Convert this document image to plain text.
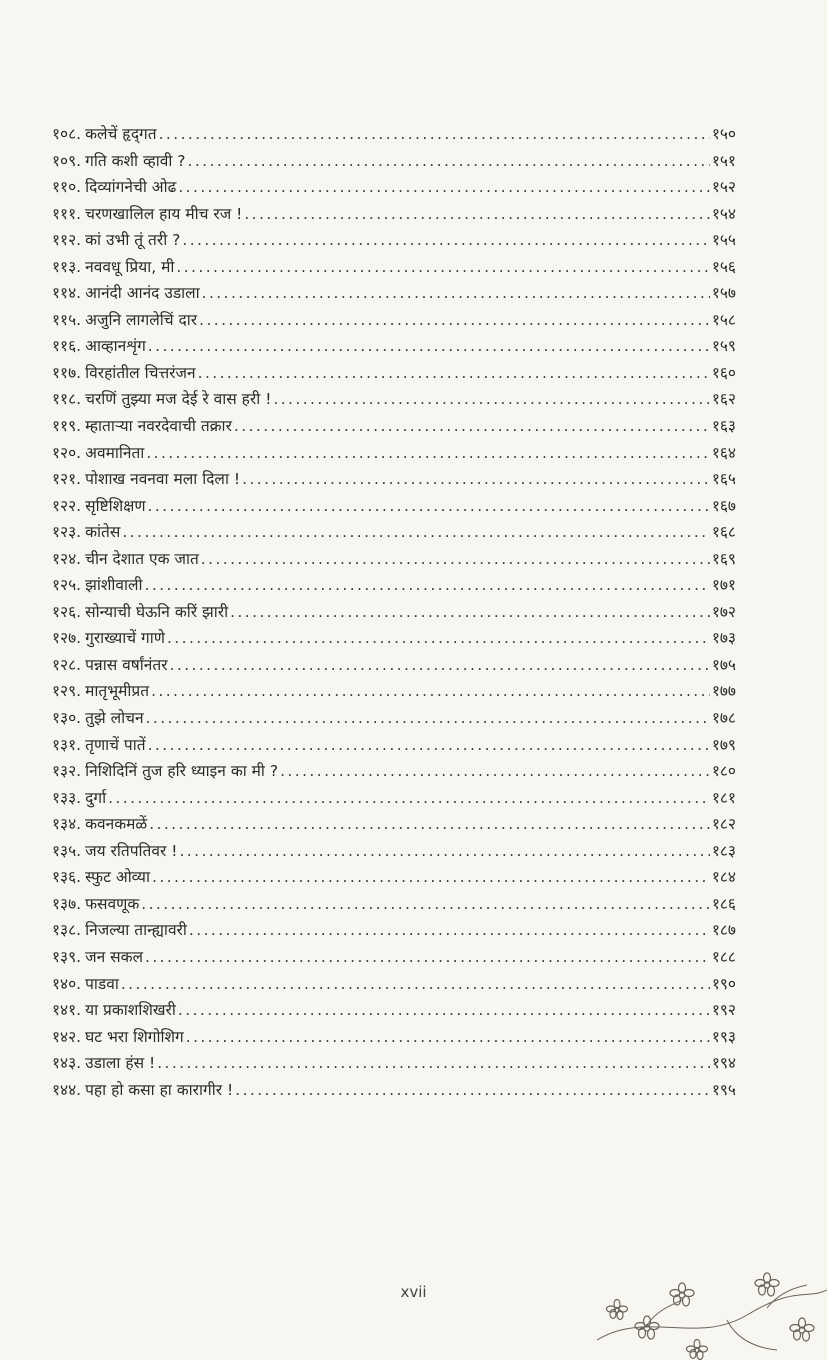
१०८. कलेचें हृद्‌गत .....	१५०
१०९. गति कशी व्हावी ? .....	१५१
११०. दिव्यांगनेची ओढ .....	१५२
१११. चरणखालिल हाय मीच रज ! .....	१५४
११२. कां उभी तूं तरी ? .....	१५५
११३. नववधू प्रिया, मी .....	१५६
११४. आनंदी आनंद उडाला .....	१५७
११५. अजुनि लागलेचिं दार .....	१५८
११६. आव्हानशृंग .....	१५९
११७. विरहांतील चित्तरंजन .....	१६०
११८. चरणिं तुझ्या मज देई रे वास हरी ! .....	१६२
११९. म्हाताऱ्या नवरदेवाची तक्रार .....	१६३
१२०. अवमानिता .....	१६४
१२१. पोशाख नवनवा मला दिला ! .....	१६५
१२२. सृष्टिशिक्षण .....	१६७
१२३. कांतेस .....	१६८
१२४. चीन देशात एक जात .....	१६९
१२५. झांशीवाली .....	१७१
१२६. सोन्याची घेऊनि करिं झारी .....	१७२
१२७. गुराख्याचें गाणे .....	१७३
१२८. पन्नास वर्षांनंतर .....	१७५
१२९. मातृभूमीप्रत .....	१७७
१३०. तुझे लोचन .....	१७८
१३१. तृणाचें पातें .....	१७९
१३२. निशिदिनिं तुज हरि ध्याइन का मी ? .....	१८०
१३३. दुर्गा .....	१८१
१३४. कवनकमळें .....	१८२
१३५. जय रतिपतिवर ! .....	१८३
१३६. स्फुट ओव्या .....	१८४
१३७. फसवणूक .....	१८६
१३८. निजल्या तान्ह्यावरी .....	१८७
१३९. जन सकल .....	१८८
१४०. पाडवा .....	१९०
१४१. या प्रकाशशिखरी .....	१९२
१४२. घट भरा शिगोशिग .....	१९३
१४३. उडाला हंस ! .....	१९४
१४४. पहा हो कसा हा कारागीर ! .....	१९५
xvii
